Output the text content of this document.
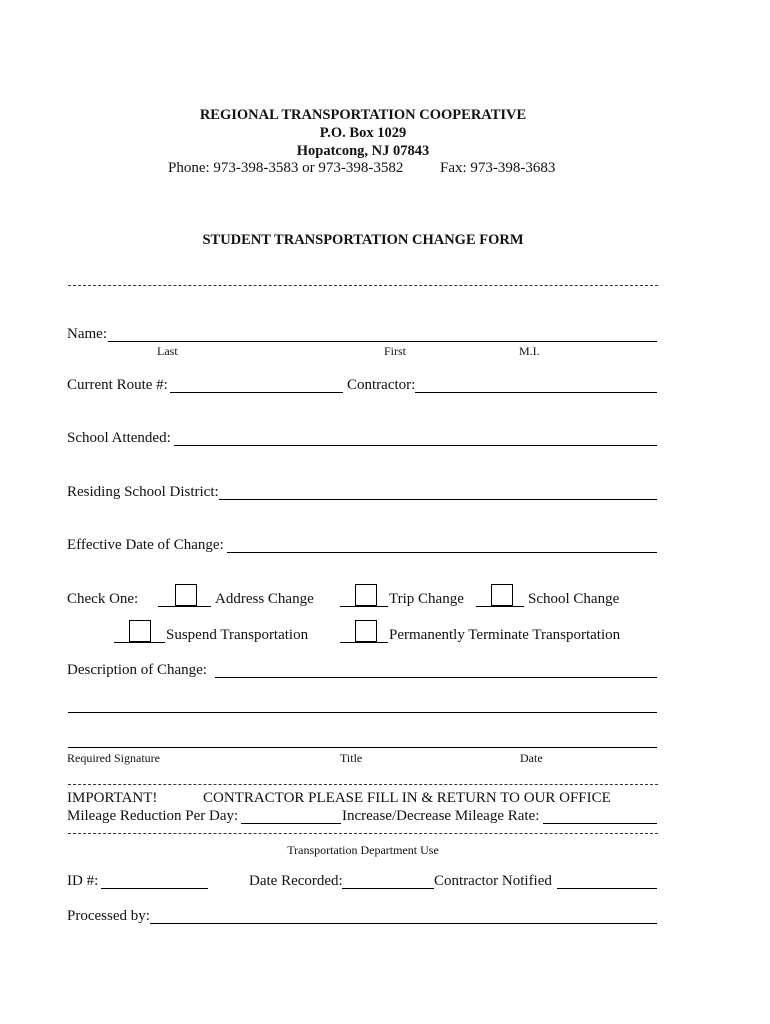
REGIONAL TRANSPORTATION COOPERATIVE
P.O. Box 1029
Hopatcong, NJ 07843
Phone: 973-398-3583 or 973-398-3582 Fax: 973-398-3683
STUDENT TRANSPORTATION CHANGE FORM
Name:
Last	First	M.I.
Current Route #:	Contractor:
School Attended:
Residing School District:
Effective Date of Change:
Check One:	Address Change	Trip Change	School Change
Suspend Transportation	Permanently Terminate Transportation
Description of Change:
Required Signature	Title	Date
IMPORTANT!	CONTRACTOR PLEASE FILL IN & RETURN TO OUR OFFICE
Mileage Reduction Per Day:	Increase/Decrease Mileage Rate:
Transportation Department Use
ID #:	Date Recorded:	Contractor Notified
Processed by:
